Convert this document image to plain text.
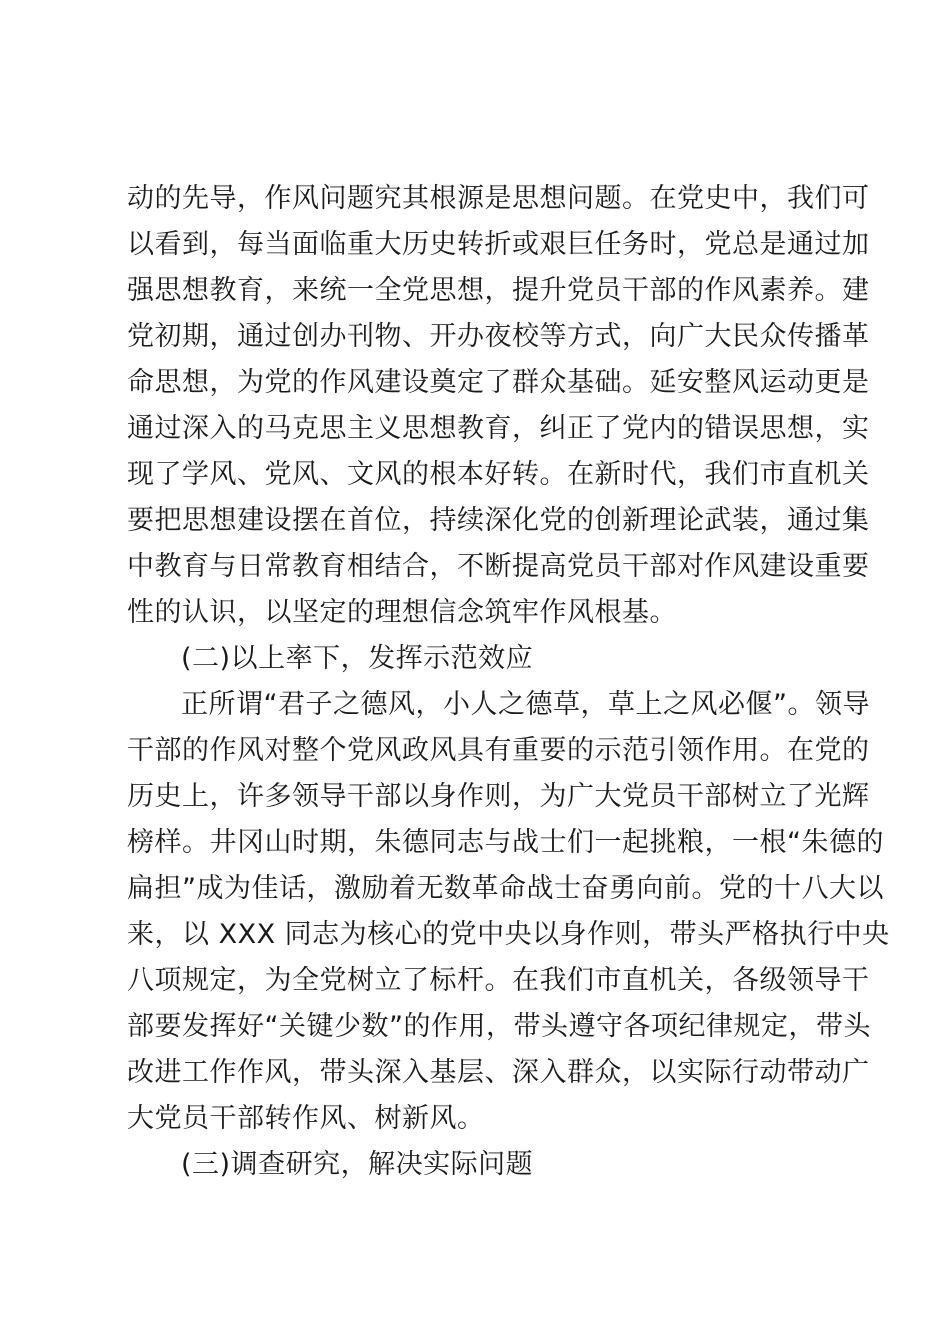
动的先导，作风问题究其根源是思想问题。在党史中，我们可
以看到，每当面临重大历史转折或艰巨任务时，党总是通过加
强思想教育，来统一全党思想，提升党员干部的作风素养。建
党初期，通过创办刊物、开办夜校等方式，向广大民众传播革
命思想，为党的作风建设奠定了群众基础。延安整风运动更是
通过深入的马克思主义思想教育，纠正了党内的错误思想，实
现了学风、党风、文风的根本好转。在新时代，我们市直机关
要把思想建设摆在首位，持续深化党的创新理论武装，通过集
中教育与日常教育相结合，不断提高党员干部对作风建设重要
性的认识，以坚定的理想信念筑牢作风根基。
(二)以上率下，发挥示范效应
正所谓“君子之德风，小人之德草，草上之风必偃”。领导
干部的作风对整个党风政风具有重要的示范引领作用。在党的
历史上，许多领导干部以身作则，为广大党员干部树立了光辉
榜样。井冈山时期，朱德同志与战士们一起挑粮，一根“朱德的
扁担”成为佳话，激励着无数革命战士奋勇向前。党的十八大以
来，以 XXX 同志为核心的党中央以身作则，带头严格执行中央
八项规定，为全党树立了标杆。在我们市直机关，各级领导干
部要发挥好“关键少数”的作用，带头遵守各项纪律规定，带头
改进工作作风，带头深入基层、深入群众，以实际行动带动广
大党员干部转作风、树新风。
(三)调查研究，解决实际问题
